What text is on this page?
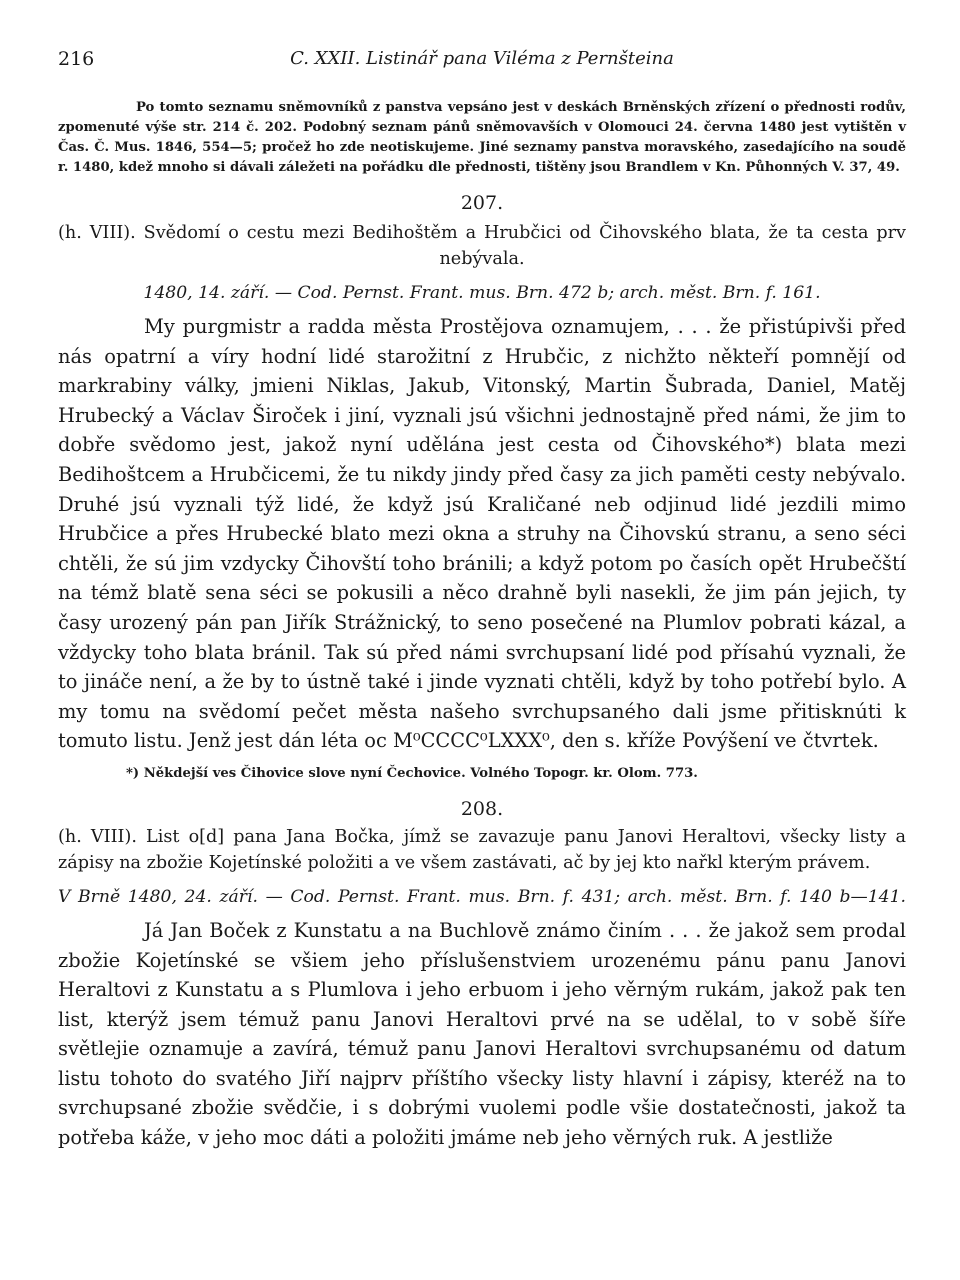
216	C. XXII. Listinář pana Viléma z Pernšteina
Po tomto seznamu sněmovníků z panstva vepsáno jest v deskách Brněnských zřízení o přednosti rodův, zpomenuté výše str. 214 č. 202. Podobný seznam pánů sněmovavších v Olomouci 24. června 1480 jest vytištěn v Čas. Č. Mus. 1846, 554—5; pročež ho zde neotiskujeme. Jiné seznamy panstva moravského, zasedajícího na soudě r. 1480, kdež mnoho si dávali záležeti na pořádku dle přednosti, tištěny jsou Brandlem v Kn. Půhonných V. 37, 49.
207.
(h. VIII). Svědomí o cestu mezi Bedihoštěm a Hrubčici od Čihovského blata, že ta cesta prv nebývala.
1480, 14. září. — Cod. Pernst. Frant. mus. Brn. 472 b; arch. měst. Brn. f. 161.
My purgmistr a radda města Prostějova oznamujem, . . . že přistúpivši před nás opatrní a víry hodní lidé starožitní z Hrubčic, z nichžto někteří pomnějí od markrabiny války, jmieni Niklas, Jakub, Vitonský, Martin Šubrada, Daniel, Matěj Hrubecký a Václav Široček i jiní, vyznali jsú všichni jednostajně před námi, že jim to dobře svědomo jest, jakož nyní udělána jest cesta od Čihovského*) blata mezi Bedihoštcem a Hrubčicemi, že tu nikdy jindy před časy za jich paměti cesty nebývalo. Druhé jsú vyznali týž lidé, že když jsú Kraličané neb odjinud lidé jezdili mimo Hrubčice a přes Hrubecké blato mezi okna a struhy na Čihovskú stranu, a seno séci chtěli, že sú jim vzdycky Čihovští toho bránili; a když potom po časích opět Hrubečští na témž blatě sena séci se pokusili a něco drahně byli nasekli, že jim pán jejich, ty časy urozený pán pan Jiřík Strážnický, to seno posečené na Plumlov pobrati kázal, a vždycky toho blata bránil. Tak sú před námi svrchupsaní lidé pod přísahú vyznali, že to jináče není, a že by to ústně také i jinde vyznati chtěli, když by toho potřebí bylo. A my tomu na svědomí pečet města našeho svrchupsaného dali jsme přitisknúti k tomuto listu. Jenž jest dán léta oc M⁰CCCC⁰LXXX⁰, den s. kříže Povýšení ve čtvrtek.
*) Někdejší ves Čihovice slove nyní Čechovice. Volného Topogr. kr. Olom. 773.
208.
(h. VIII). List o[d] pana Jana Bočka, jímž se zavazuje panu Janovi Heraltovi, všecky listy a zápisy na zbožie Kojetínské položiti a ve všem zastávati, ač by jej kto nařkl kterým právem.
V Brně 1480, 24. září. — Cod. Pernst. Frant. mus. Brn. f. 431; arch. měst. Brn. f. 140 b—141.
Já Jan Boček z Kunstatu a na Buchlově známo činím . . . že jakož sem prodal zbožie Kojetínské se všiem jeho příslušenstviem urozenému pánu panu Janovi Heraltovi z Kunstatu a s Plumlova i jeho erbuom i jeho věrným rukám, jakož pak ten list, kterýž jsem témuž panu Janovi Heraltovi prvé na se udělal, to v sobě šíře světlejie oznamuje a zavírá, témuž panu Janovi Heraltovi svrchupsanému od datum listu tohoto do svatého Jiří najprv příštího všecky listy hlavní i zápisy, kteréž na to svrchupsané zbožie svědčie, i s dobrými vuolemi podle všie dostatečnosti, jakož ta potřeba káže, v jeho moc dáti a položiti jmáme neb jeho věrných ruk. A jestliže
